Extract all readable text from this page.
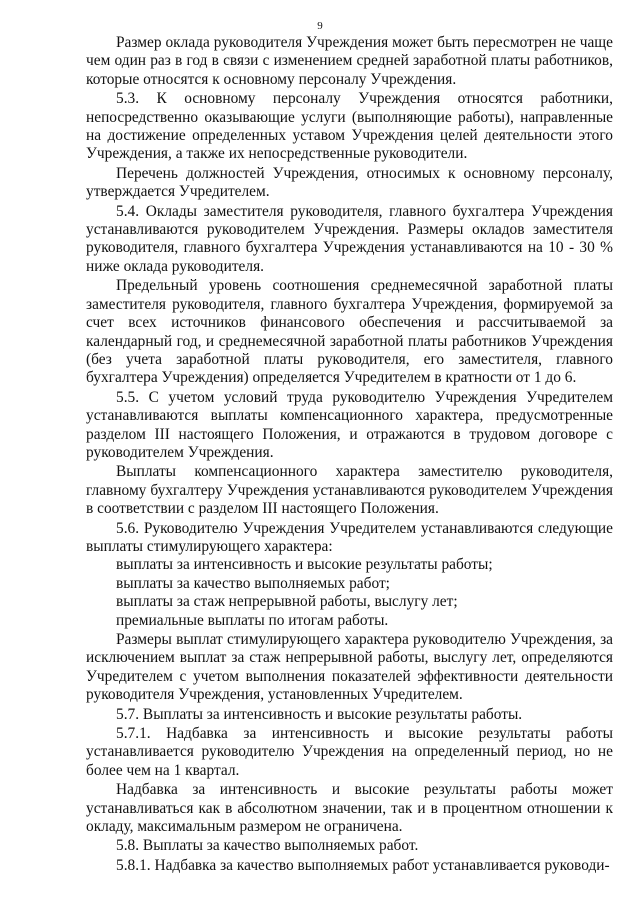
9

Размер оклада руководителя Учреждения может быть пересмотрен не чаще чем один раз в год в связи с изменением средней заработной платы работников, которые относятся к основному персоналу Учреждения.

5.3. К основному персоналу Учреждения относятся работники, непосредственно оказывающие услуги (выполняющие работы), направленные на достижение определенных уставом Учреждения целей деятельности этого Учреждения, а также их непосредственные руководители.

Перечень должностей Учреждения, относимых к основному персоналу, утверждается Учредителем.

5.4. Оклады заместителя руководителя, главного бухгалтера Учреждения устанавливаются руководителем Учреждения. Размеры окладов заместителя руководителя, главного бухгалтера Учреждения устанавливаются на 10 - 30 % ниже оклада руководителя.

Предельный уровень соотношения среднемесячной заработной платы заместителя руководителя, главного бухгалтера Учреждения, формируемой за счет всех источников финансового обеспечения и рассчитываемой за календарный год, и среднемесячной заработной платы работников Учреждения (без учета заработной платы руководителя, его заместителя, главного бухгалтера Учреждения) определяется Учредителем в кратности от 1 до 6.

5.5. С учетом условий труда руководителю Учреждения Учредителем устанавливаются выплаты компенсационного характера, предусмотренные разделом III настоящего Положения, и отражаются в трудовом договоре с руководителем Учреждения.

Выплаты компенсационного характера заместителю руководителя, главному бухгалтеру Учреждения устанавливаются руководителем Учреждения в соответствии с разделом III настоящего Положения.

5.6. Руководителю Учреждения Учредителем устанавливаются следующие выплаты стимулирующего характера:

выплаты за интенсивность и высокие результаты работы;

выплаты за качество выполняемых работ;

выплаты за стаж непрерывной работы, выслугу лет;

премиальные выплаты по итогам работы.

Размеры выплат стимулирующего характера руководителю Учреждения, за исключением выплат за стаж непрерывной работы, выслугу лет, определяются Учредителем с учетом выполнения показателей эффективности деятельности руководителя Учреждения, установленных Учредителем.

5.7. Выплаты за интенсивность и высокие результаты работы.

5.7.1. Надбавка за интенсивность и высокие результаты работы устанавливается руководителю Учреждения на определенный период, но не более чем на 1 квартал.

Надбавка за интенсивность и высокие результаты работы может устанавливаться как в абсолютном значении, так и в процентном отношении к окладу, максимальным размером не ограничена.

5.8. Выплаты за качество выполняемых работ.

5.8.1. Надбавка за качество выполняемых работ устанавливается руководи-
